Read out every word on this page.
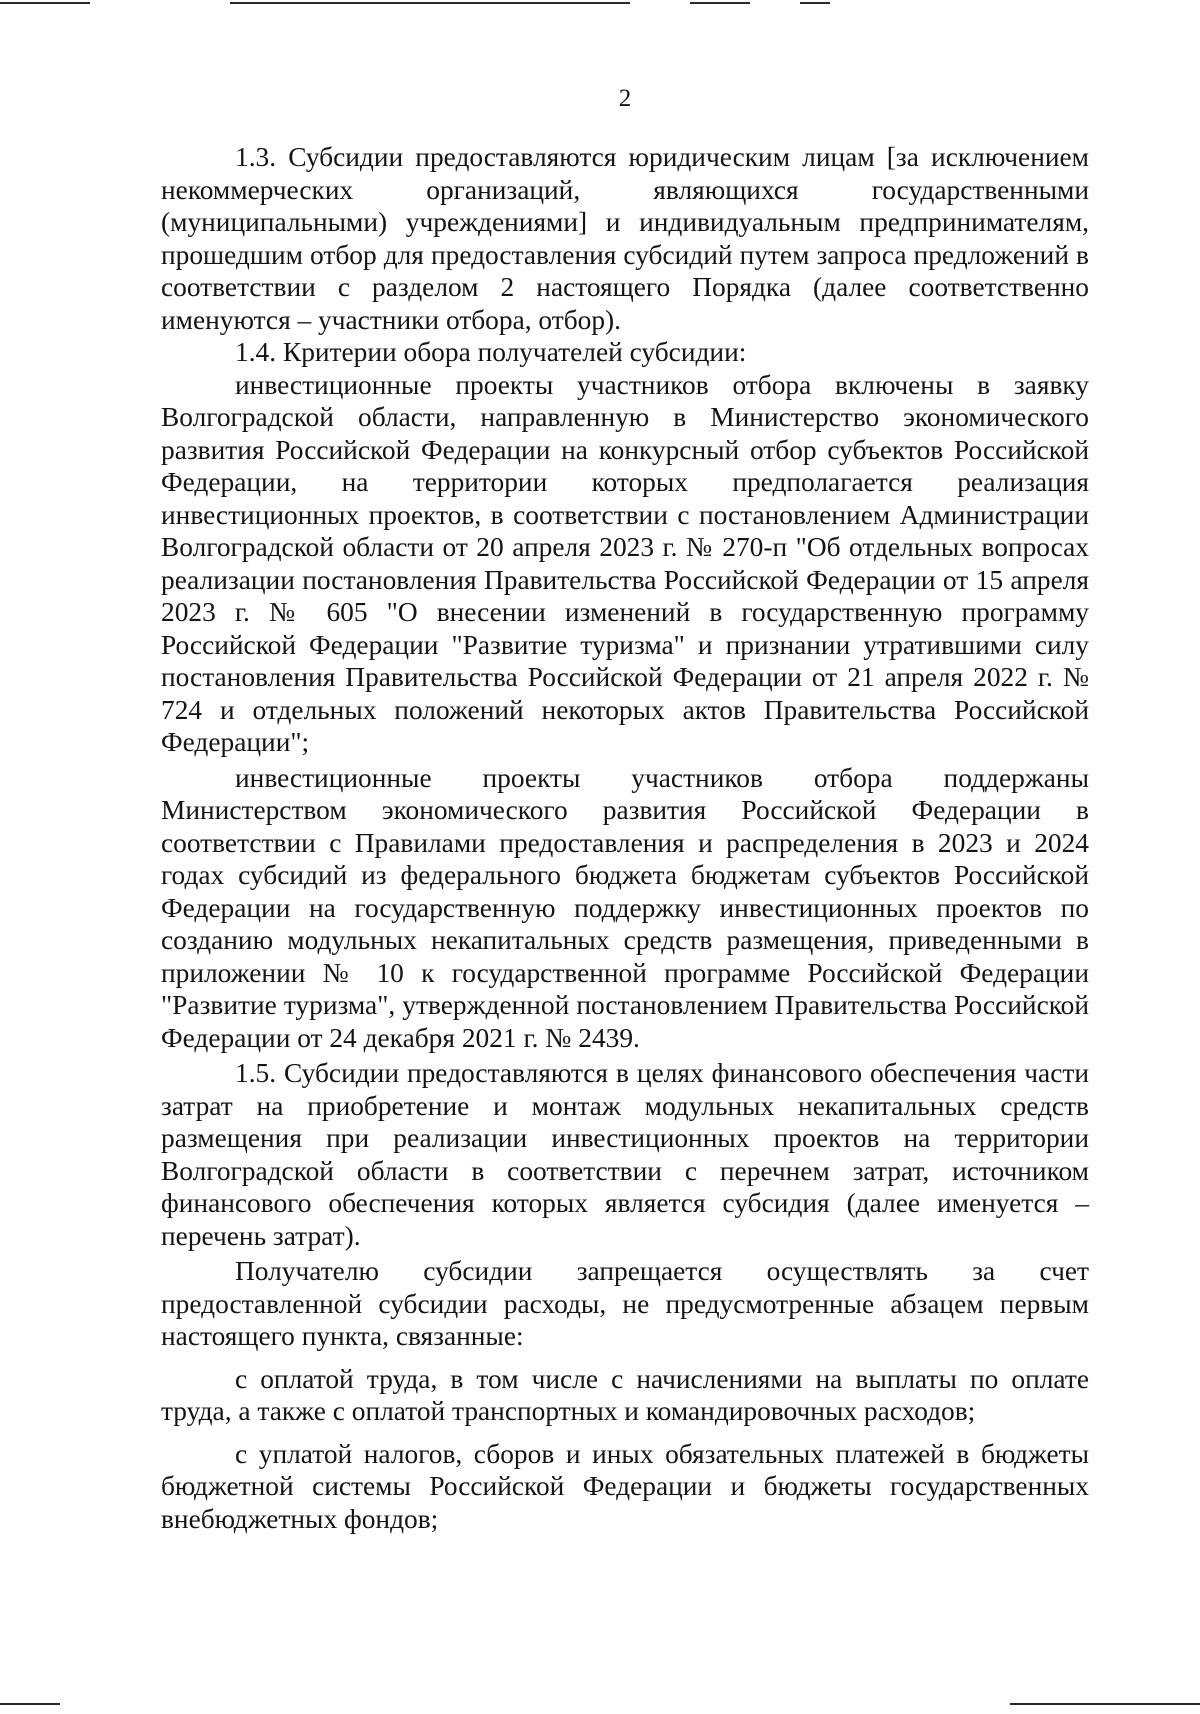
2

1.3. Субсидии предоставляются юридическим лицам [за исключением некоммерческих организаций, являющихся государственными (муниципальными) учреждениями] и индивидуальным предпринимателям, прошедшим отбор для предоставления субсидий путем запроса предложений в соответствии с разделом 2 настоящего Порядка (далее соответственно именуются – участники отбора, отбор).

1.4. Критерии обора получателей субсидии:

инвестиционные проекты участников отбора включены в заявку Волгоградской области, направленную в Министерство экономического развития Российской Федерации на конкурсный отбор субъектов Российской Федерации, на территории которых предполагается реализация инвестиционных проектов, в соответствии с постановлением Администрации Волгоградской области от 20 апреля 2023 г. № 270-п "Об отдельных вопросах реализации постановления Правительства Российской Федерации от 15 апреля 2023 г. № 605 "О внесении изменений в государственную программу Российской Федерации "Развитие туризма" и признании утратившими силу постановления Правительства Российской Федерации от 21 апреля 2022 г. № 724 и отдельных положений некоторых актов Правительства Российской Федерации";

инвестиционные проекты участников отбора поддержаны Министерством экономического развития Российской Федерации в соответствии с Правилами предоставления и распределения в 2023 и 2024 годах субсидий из федерального бюджета бюджетам субъектов Российской Федерации на государственную поддержку инвестиционных проектов по созданию модульных некапитальных средств размещения, приведенными в приложении № 10 к государственной программе Российской Федерации "Развитие туризма", утвержденной постановлением Правительства Российской Федерации от 24 декабря 2021 г. № 2439.

1.5. Субсидии предоставляются в целях финансового обеспечения части затрат на приобретение и монтаж модульных некапитальных средств размещения при реализации инвестиционных проектов на территории Волгоградской области в соответствии с перечнем затрат, источником финансового обеспечения которых является субсидия (далее именуется – перечень затрат).

Получателю субсидии запрещается осуществлять за счет предоставленной субсидии расходы, не предусмотренные абзацем первым настоящего пункта, связанные:

с оплатой труда, в том числе с начислениями на выплаты по оплате труда, а также с оплатой транспортных и командировочных расходов;

с уплатой налогов, сборов и иных обязательных платежей в бюджеты бюджетной системы Российской Федерации и бюджеты государственных внебюджетных фондов;
